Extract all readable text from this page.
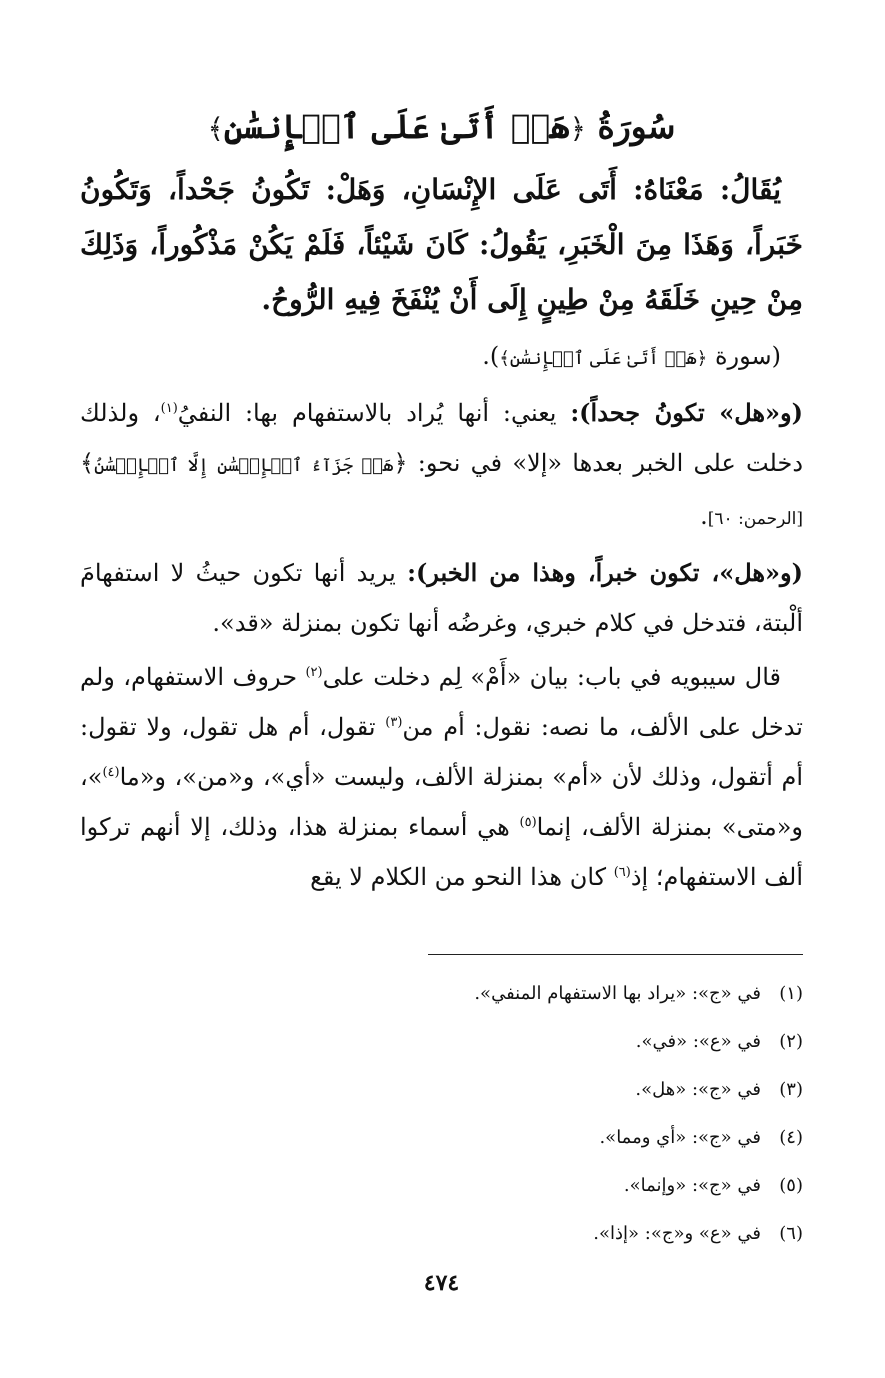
سُورَةُ ﴿هَلۡ أَتَىٰ عَلَى ٱلۡإِنسَٰنِ﴾

يُقَالُ: مَعْنَاهُ: أَتَى عَلَى الإِنْسَانِ، وَهَلْ: تَكُونُ جَحْداً، وَتَكُونُ خَبَراً، وَهَذَا مِنَ الْخَبَرِ، يَقُولُ: كَانَ شَيْئاً، فَلَمْ يَكُنْ مَذْكُوراً، وَذَلِكَ مِنْ حِينِ خَلَقَهُ مِنْ طِينٍ إِلَى أَنْ يُنْفَخَ فِيهِ الرُّوحُ.

(سورة ﴿هَلۡ أَتَىٰ عَلَى ٱلۡإِنسَٰنِ﴾).

(و«هل» تكونُ جحداً): يعني: أنها يُراد بالاستفهام بها: النفيُ$^{(١)}$، ولذلك دخلت على الخبر بعدها «إلا» في نحو: ﴿هَلۡ جَزَآءُ ٱلۡإِحۡسَٰنِ إِلَّا ٱلۡإِحۡسَٰنُ﴾[الرحمن: ٦٠].

(و«هل»، تكون خبراً، وهذا من الخبر): يريد أنها تكون حيثُ لا استفهامَ ألْبتة، فتدخل في كلام خبري، وغرضُه أنها تكون بمنزلة «قد».

قال سيبويه في باب: بيان «أَمْ» لِم دخلت على$^{(٢)}$ حروف الاستفهام، ولم تدخل على الألف، ما نصه: نقول: أم من$^{(٣)}$ تقول، أم هل تقول، ولا تقول: أم أتقول، وذلك لأن «أم» بمنزلة الألف، وليست «أي»، و«من»، و«ما$^{(٤)}$»، و«متى» بمنزلة الألف، إنما$^{(٥)}$ هي أسماء بمنزلة هذا، وذلك، إلا أنهم تركوا ألف الاستفهام؛ إذ$^{(٦)}$ كان هذا النحو من الكلام لا يقع

(١)في «ج»: «يراد بها الاستفهام المنفي».
(٢)في «ع»: «في».
(٣)في «ج»: «هل».
(٤)في «ج»: «أي ومما».
(٥)في «ج»: «وإنما».
(٦)في «ع» و«ج»: «إذا».
٤٧٤
